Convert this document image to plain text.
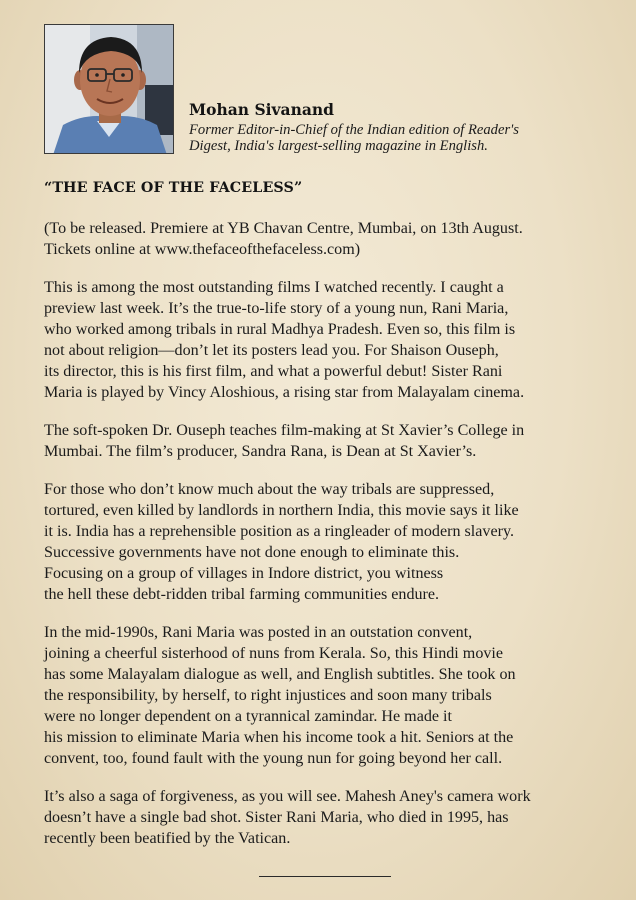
Mohan Sivanand

Former Editor-in-Chief of the Indian edition of Reader's
Digest, India's largest-selling magazine in English.

“THE FACE OF THE FACELESS”

(To be released. Premiere at YB Chavan Centre, Mumbai, on 13th August.
Tickets online at www.thefaceofthefaceless.com)

This is among the most outstanding films I watched recently. I caught a
preview last week. It’s the true-to-life story of a young nun, Rani Maria,
who worked among tribals in rural Madhya Pradesh. Even so, this film is
not about religion—don’t let its posters lead you. For Shaison Ouseph,
its director, this is his first film, and what a powerful debut! Sister Rani
Maria is played by Vincy Aloshious, a rising star from Malayalam cinema.

The soft-spoken Dr. Ouseph teaches film-making at St Xavier’s College in
Mumbai. The film’s producer, Sandra Rana, is Dean at St Xavier’s.

For those who don’t know much about the way tribals are suppressed,
tortured, even killed by landlords in northern India, this movie says it like
it is. India has a reprehensible position as a ringleader of modern slavery.
Successive governments have not done enough to eliminate this.
Focusing on a group of villages in Indore district, you witness
the hell these debt-ridden tribal farming communities endure.

In the mid-1990s, Rani Maria was posted in an outstation convent,
joining a cheerful sisterhood of nuns from Kerala. So, this Hindi movie
has some Malayalam dialogue as well, and English subtitles. She took on
the responsibility, by herself, to right injustices and soon many tribals
were no longer dependent on a tyrannical zamindar. He made it
his mission to eliminate Maria when his income took a hit. Seniors at the
convent, too, found fault with the young nun for going beyond her call.

It’s also a saga of forgiveness, as you will see. Mahesh Aney's camera work
doesn’t have a single bad shot. Sister Rani Maria, who died in 1995, has
recently been beatified by the Vatican.
